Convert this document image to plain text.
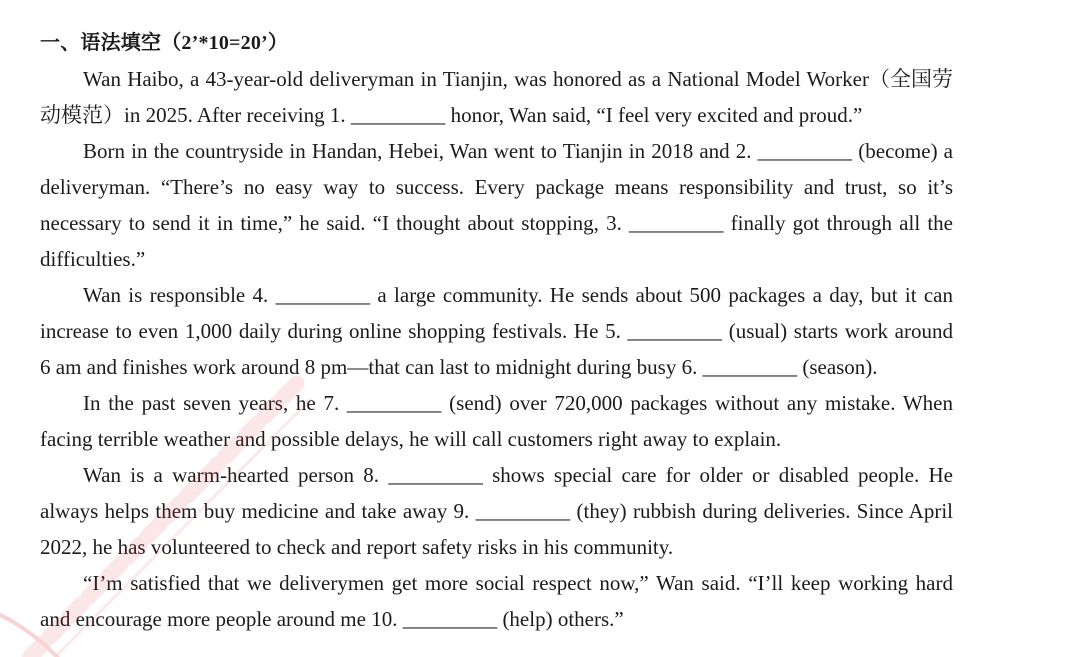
一、语法填空（2’*10=20’）
Wan Haibo, a 43-year-old deliveryman in Tianjin, was honored as a National Model Worker（全国劳
动模范）in 2025. After receiving 1. _________ honor, Wan said, “I feel very excited and proud.”
Born in the countryside in Handan, Hebei, Wan went to Tianjin in 2018 and 2. _________ (become) a
deliveryman. “There’s no easy way to success. Every package means responsibility and trust, so it’s
necessary to send it in time,” he said. “I thought about stopping, 3. _________ finally got through all the
difficulties.”
Wan is responsible 4. _________ a large community. He sends about 500 packages a day, but it can
increase to even 1,000 daily during online shopping festivals. He 5. _________ (usual) starts work around
6 am and finishes work around 8 pm—that can last to midnight during busy 6. _________ (season).
In the past seven years, he 7. _________ (send) over 720,000 packages without any mistake. When
facing terrible weather and possible delays, he will call customers right away to explain.
Wan is a warm-hearted person 8. _________ shows special care for older or disabled people. He
always helps them buy medicine and take away 9. _________ (they) rubbish during deliveries. Since April
2022, he has volunteered to check and report safety risks in his community.
“I’m satisfied that we deliverymen get more social respect now,” Wan said. “I’ll keep working hard
and encourage more people around me 10. _________ (help) others.”
